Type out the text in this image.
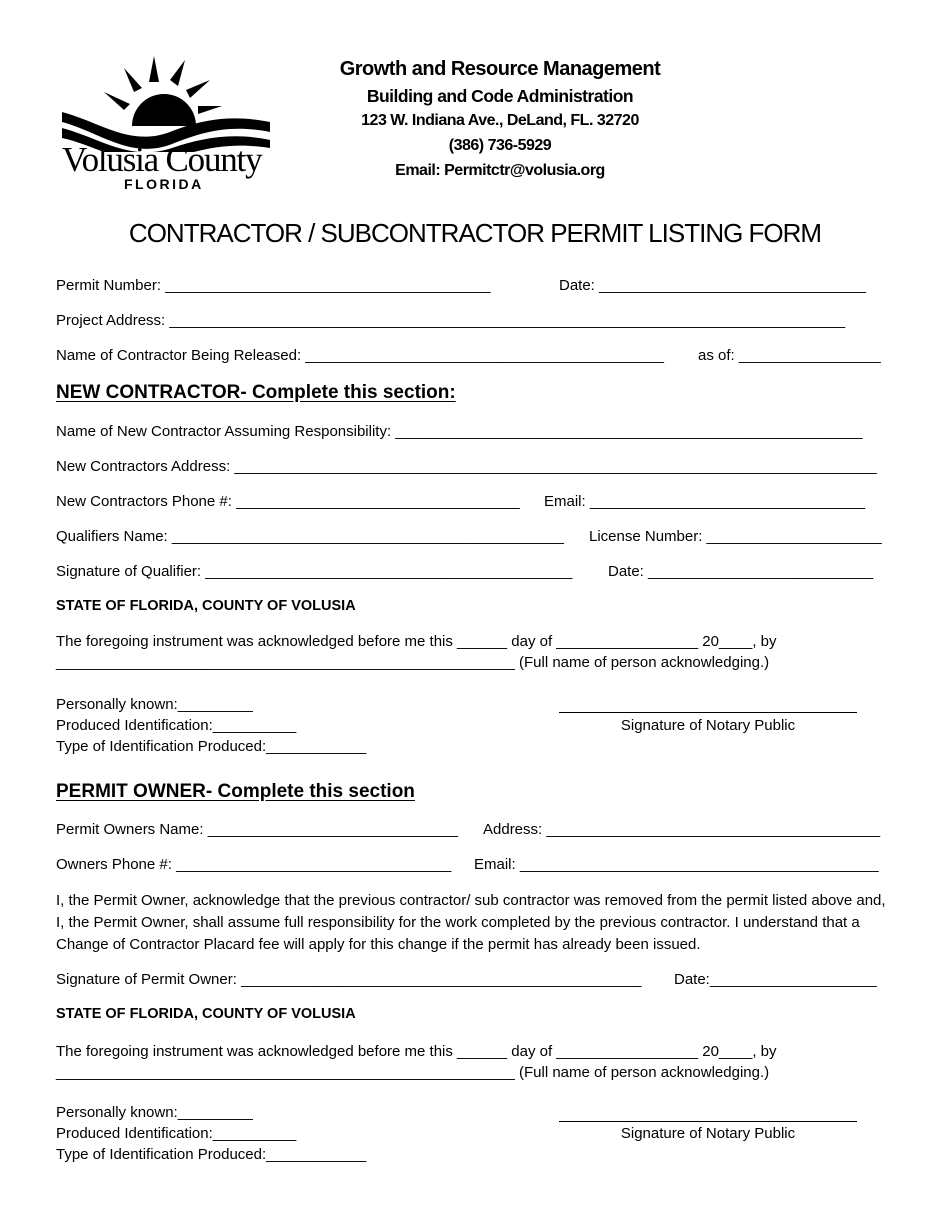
Volusia County
FLORIDA
Growth and Resource Management
Building and Code Administration
123 W. Indiana Ave., DeLand, FL. 32720
(386) 736-5929
Email: Permitctr@volusia.org
CONTRACTOR / SUBCONTRACTOR PERMIT LISTING FORM
Permit Number: _______________________________________	Date: ________________________________
Project Address: _________________________________________________________________________________
Name of Contractor Being Released: ___________________________________________ as of: _________________
NEW CONTRACTOR- Complete this section:
Name of New Contractor Assuming Responsibility: ________________________________________________________
New Contractors Address: _____________________________________________________________________________
New Contractors Phone #: __________________________________ Email: _________________________________
Qualifiers Name: _______________________________________________ License Number: _____________________
Signature of Qualifier: ____________________________________________ Date: ___________________________
STATE OF FLORIDA, COUNTY OF VOLUSIA
The foregoing instrument was acknowledged before me this ______ day of _________________ 20____, by
_______________________________________________________ (Full name of person acknowledging.)
Personally known:_________
Produced Identification:__________
Type of Identification Produced:____________
Signature of Notary Public
PERMIT OWNER- Complete this section
Permit Owners Name: ______________________________ Address: ________________________________________
Owners Phone #: _________________________________ Email: ___________________________________________
I, the Permit Owner, acknowledge that the previous contractor/ sub contractor was removed from the permit listed above and, I, the Permit Owner, shall assume full responsibility for the work completed by the previous contractor. I understand that a Change of Contractor Placard fee will apply for this change if the permit has already been issued.
Signature of Permit Owner: ________________________________________________ Date:____________________
STATE OF FLORIDA, COUNTY OF VOLUSIA
The foregoing instrument was acknowledged before me this ______ day of _________________ 20____, by
_______________________________________________________ (Full name of person acknowledging.)
Personally known:_________
Produced Identification:__________
Type of Identification Produced:____________
Signature of Notary Public
